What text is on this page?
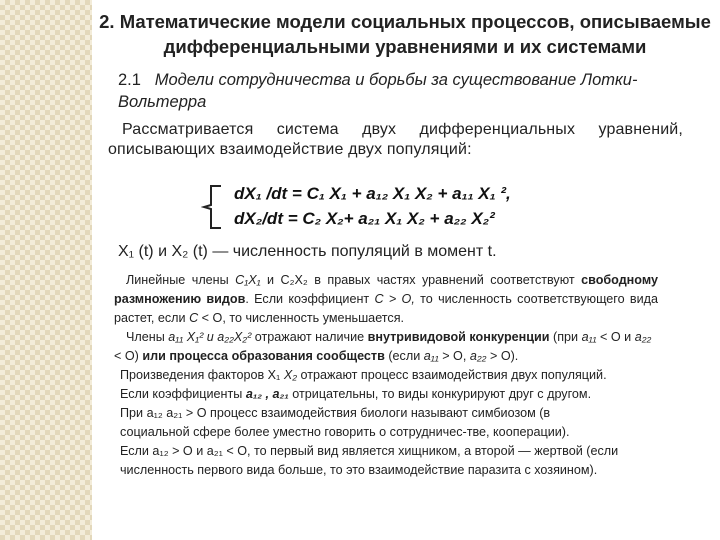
2. Математические модели социальных процессов, описываемые
дифференциальными уравнениями и их системами
2.1 Модели сотрудничества и борьбы за существование Лотки-Вольтерра
Рассматривается система двух дифференциальных уравнений, описывающих взаимодействие двух популяций:
dX₁ /dt = C₁ X₁ + a₁₂ X₁ X₂ + a₁₁ X₁ ²,
dX₂/dt = C₂ X₂+ a₂₁ X₁ X₂ + a₂₂ X₂²
X₁ (t) и X₂ (t) — численность популяций в момент t.

Линейные члены C₁X₁ и C₂X₂ в правых частях уравнений соответствуют свободному размножению видов. Если коэффициент C > O, то численность соответствующего вида растет, если C < O, то численность уменьшается.

Члены a₁₁ X₁² и a₂₂X₂² отражают наличие внутривидовой конкуренции (при a₁₁ < O и a₂₂ < O) или процесса образования сообществ (если a₁₁ > O, a₂₂ > O).

Произведения факторов X₁ X₂ отражают процесс взаимодействия двух популяций. Если коэффициенты a₁₂ , a₂₁ отрицательны, то виды конкурируют друг с другом.

При a₁₂ a₂₁ > O процесс взаимодействия биологи называют симбиозом (в социальной сфере более уместно говорить о сотрудничес-тве, кооперации).

Если a₁₂ > O и a₂₁ < O, то первый вид является хищником, а второй — жертвой (если численность первого вида больше, то это взаимодействие паразита с хозяином).
